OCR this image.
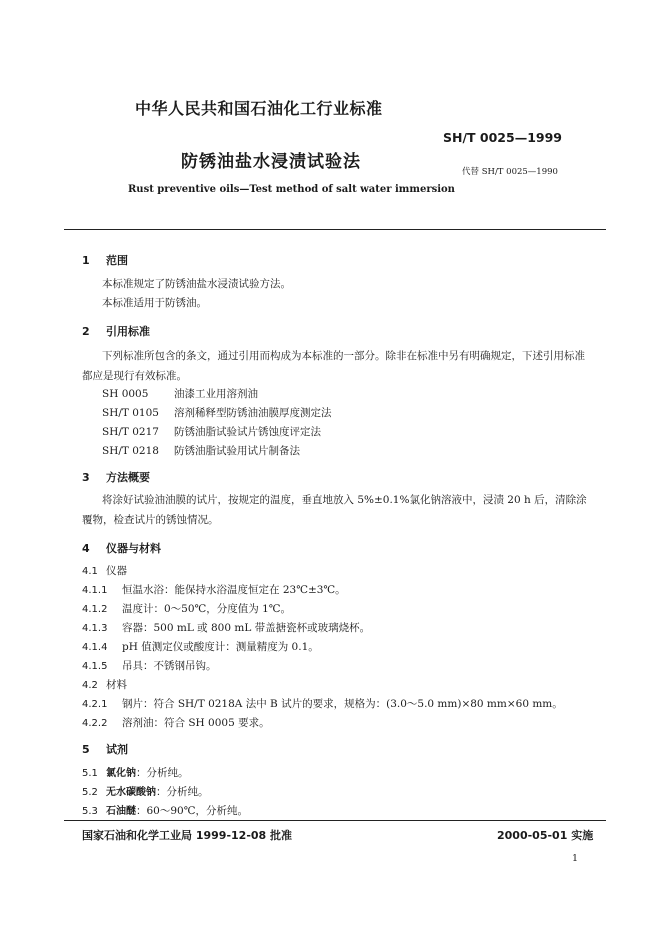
中华人民共和国石油化工行业标准
SH/T 0025—1999
防锈油盐水浸渍试验法	代替 SH/T 0025—1990
Rust preventive oils—Test method of salt water immersion
1 范围
本标准规定了防锈油盐水浸渍试验方法。
本标准适用于防锈油。
2 引用标准
下列标准所包含的条文，通过引用而构成为本标准的一部分。除非在标准中另有明确规定，下述引用标准都应是现行有效标准。
SH 0005 油漆工业用溶剂油
SH/T 0105 溶剂稀释型防锈油油膜厚度测定法
SH/T 0217 防锈油脂试验试片锈蚀度评定法
SH/T 0218 防锈油脂试验用试片制备法
3 方法概要
将涂好试验油油膜的试片，按规定的温度，垂直地放入 5%±0.1%氯化钠溶液中，浸渍 20 h 后，清除涂覆物，检查试片的锈蚀情况。
4 仪器与材料
4.1 仪器
4.1.1 恒温水浴：能保持水浴温度恒定在 23℃±3℃。
4.1.2 温度计：0～50℃，分度值为 1℃。
4.1.3 容器：500 mL 或 800 mL 带盖搪瓷杯或玻璃烧杯。
4.1.4 pH 值测定仪或酸度计：测量精度为 0.1。
4.1.5 吊具：不锈钢吊钩。
4.2 材料
4.2.1 钢片：符合 SH/T 0218A 法中 B 试片的要求，规格为：(3.0～5.0 mm)×80 mm×60 mm。
4.2.2 溶剂油：符合 SH 0005 要求。
5 试剂
5.1 氯化钠：分析纯。
5.2 无水碳酸钠：分析纯。
5.3 石油醚：60～90℃，分析纯。
国家石油和化学工业局 1999-12-08 批准	2000-05-01 实施
1
